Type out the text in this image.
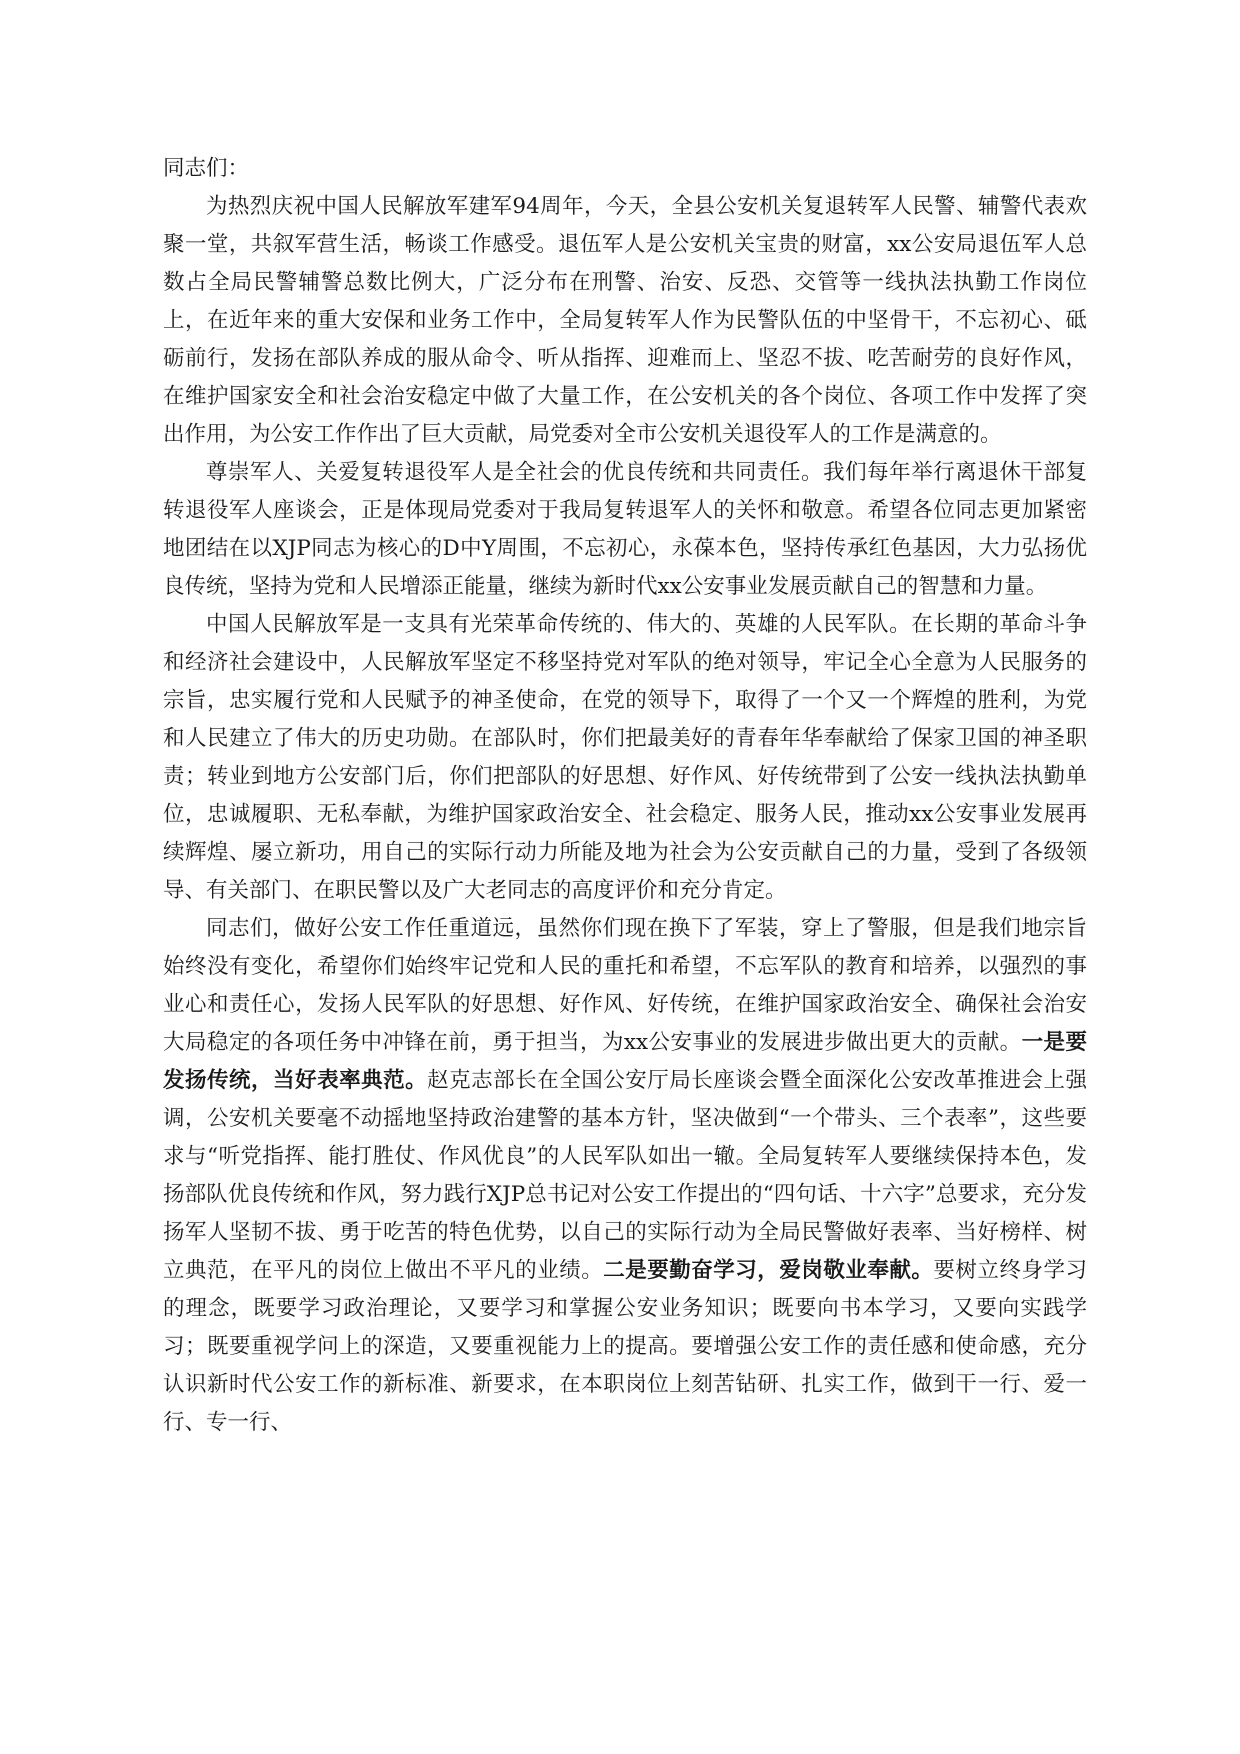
同志们：

为热烈庆祝中国人民解放军建军94周年，今天，全县公安机关复退转军人民警、辅警代表欢聚一堂，共叙军营生活，畅谈工作感受。退伍军人是公安机关宝贵的财富，xx公安局退伍军人总数占全局民警辅警总数比例大，广泛分布在刑警、治安、反恐、交管等一线执法执勤工作岗位上，在近年来的重大安保和业务工作中，全局复转军人作为民警队伍的中坚骨干，不忘初心、砥砺前行，发扬在部队养成的服从命令、听从指挥、迎难而上、坚忍不拔、吃苦耐劳的良好作风，在维护国家安全和社会治安稳定中做了大量工作，在公安机关的各个岗位、各项工作中发挥了突出作用，为公安工作作出了巨大贡献，局党委对全市公安机关退役军人的工作是满意的。

尊崇军人、关爱复转退役军人是全社会的优良传统和共同责任。我们每年举行离退休干部复转退役军人座谈会，正是体现局党委对于我局复转退军人的关怀和敬意。希望各位同志更加紧密地团结在以XJP同志为核心的D中Y周围，不忘初心，永葆本色，坚持传承红色基因，大力弘扬优良传统，坚持为党和人民增添正能量，继续为新时代xx公安事业发展贡献自己的智慧和力量。

中国人民解放军是一支具有光荣革命传统的、伟大的、英雄的人民军队。在长期的革命斗争和经济社会建设中，人民解放军坚定不移坚持党对军队的绝对领导，牢记全心全意为人民服务的宗旨，忠实履行党和人民赋予的神圣使命，在党的领导下，取得了一个又一个辉煌的胜利，为党和人民建立了伟大的历史功勋。在部队时，你们把最美好的青春年华奉献给了保家卫国的神圣职责；转业到地方公安部门后，你们把部队的好思想、好作风、好传统带到了公安一线执法执勤单位，忠诚履职、无私奉献，为维护国家政治安全、社会稳定、服务人民，推动xx公安事业发展再续辉煌、屡立新功，用自己的实际行动力所能及地为社会为公安贡献自己的力量，受到了各级领导、有关部门、在职民警以及广大老同志的高度评价和充分肯定。

同志们，做好公安工作任重道远，虽然你们现在换下了军装，穿上了警服，但是我们地宗旨始终没有变化，希望你们始终牢记党和人民的重托和希望，不忘军队的教育和培养，以强烈的事业心和责任心，发扬人民军队的好思想、好作风、好传统，在维护国家政治安全、确保社会治安大局稳定的各项任务中冲锋在前，勇于担当，为xx公安事业的发展进步做出更大的贡献。一是要发扬传统，当好表率典范。赵克志部长在全国公安厅局长座谈会暨全面深化公安改革推进会上强调，公安机关要毫不动摇地坚持政治建警的基本方针，坚决做到“一个带头、三个表率”，这些要求与“听党指挥、能打胜仗、作风优良”的人民军队如出一辙。全局复转军人要继续保持本色，发扬部队优良传统和作风，努力践行XJP总书记对公安工作提出的“四句话、十六字”总要求，充分发扬军人坚韧不拔、勇于吃苦的特色优势，以自己的实际行动为全局民警做好表率、当好榜样、树立典范，在平凡的岗位上做出不平凡的业绩。二是要勤奋学习，爱岗敬业奉献。要树立终身学习的理念，既要学习政治理论，又要学习和掌握公安业务知识；既要向书本学习，又要向实践学习；既要重视学问上的深造，又要重视能力上的提高。要增强公安工作的责任感和使命感，充分认识新时代公安工作的新标准、新要求，在本职岗位上刻苦钻研、扎实工作，做到干一行、爱一行、专一行、
